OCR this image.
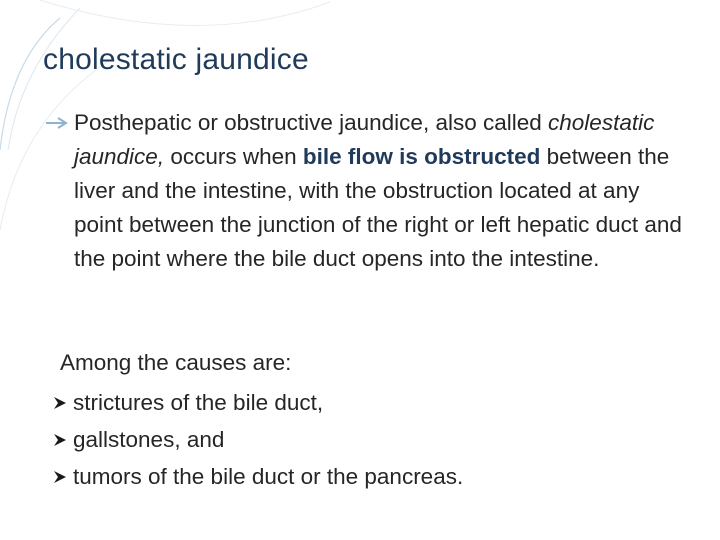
cholestatic jaundice
Posthepatic or obstructive jaundice, also called cholestatic jaundice, occurs when bile flow is obstructed between the liver and the intestine, with the obstruction located at any point between the junction of the right or left hepatic duct and the point where the bile duct opens into the intestine.
Among the causes are:
strictures of the bile duct,
gallstones, and
tumors of the bile duct or the pancreas.
